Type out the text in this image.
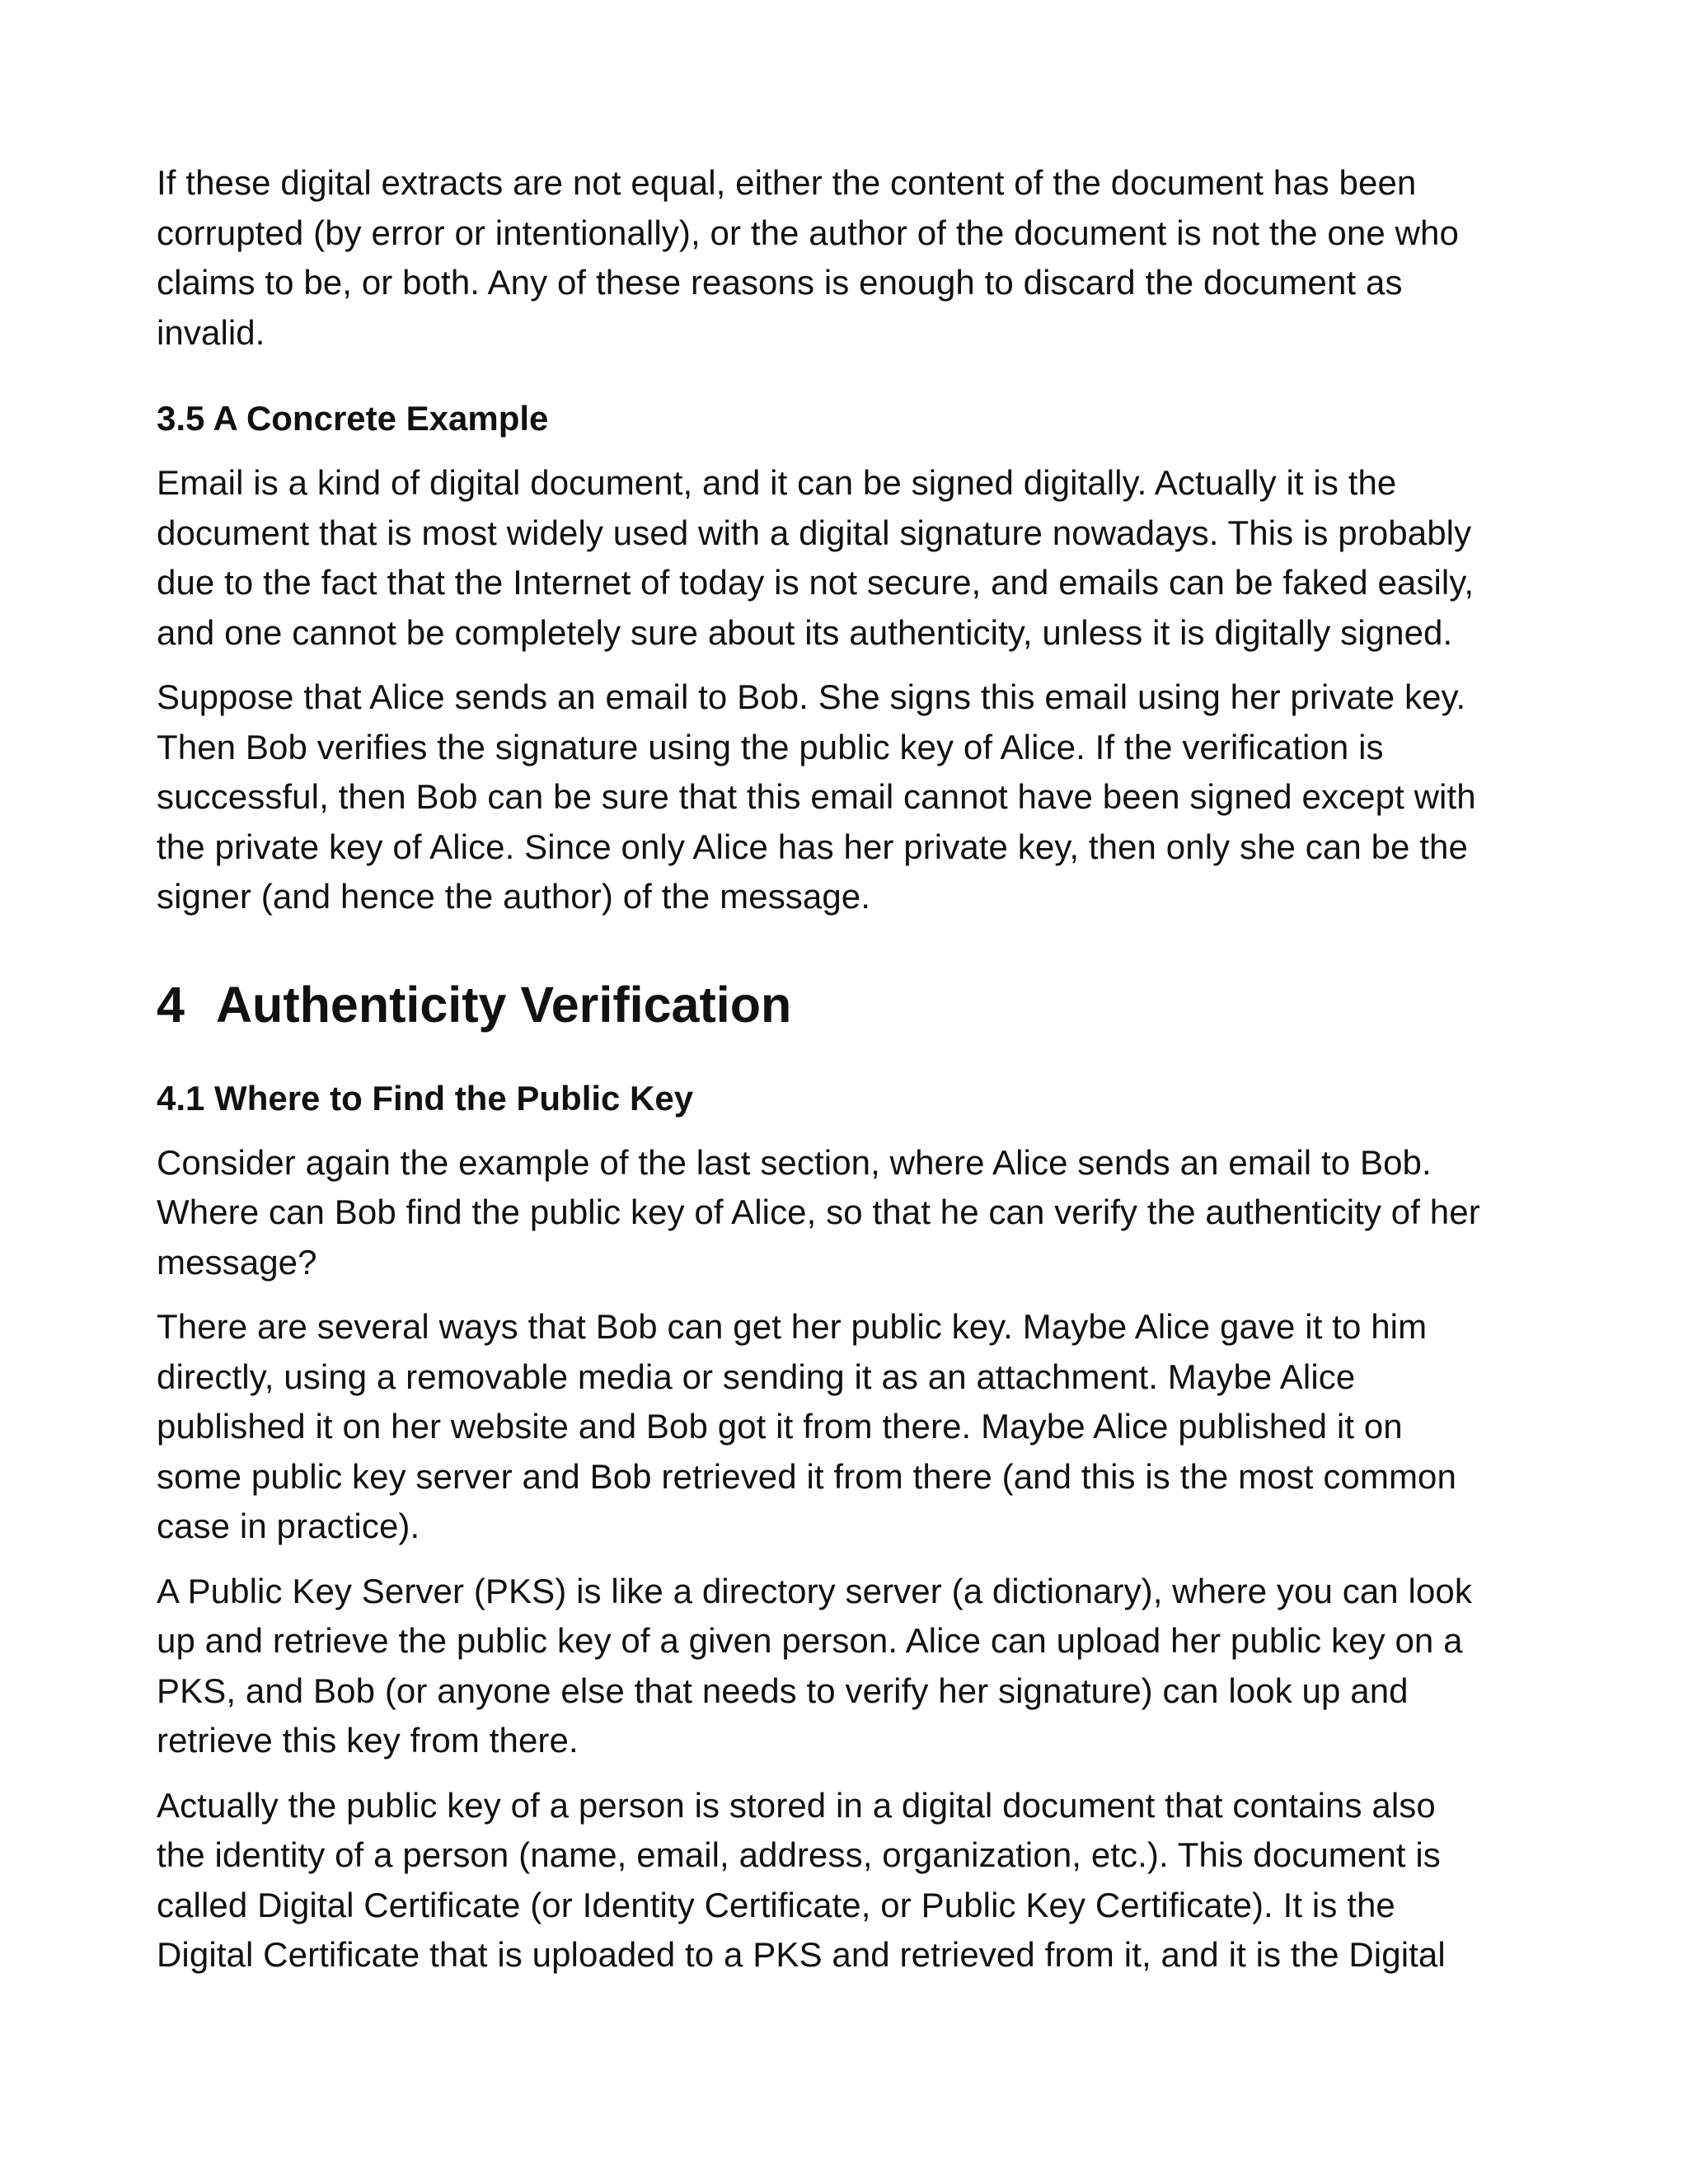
If these digital extracts are not equal, either the content of the document has been
corrupted (by error or intentionally), or the author of the document is not the one who
claims to be, or both. Any of these reasons is enough to discard the document as
invalid.

3.5 A Concrete Example

Email is a kind of digital document, and it can be signed digitally. Actually it is the
document that is most widely used with a digital signature nowadays. This is probably
due to the fact that the Internet of today is not secure, and emails can be faked easily,
and one cannot be completely sure about its authenticity, unless it is digitally signed.

Suppose that Alice sends an email to Bob. She signs this email using her private key.
Then Bob verifies the signature using the public key of Alice. If the verification is
successful, then Bob can be sure that this email cannot have been signed except with
the private key of Alice. Since only Alice has her private key, then only she can be the
signer (and hence the author) of the message.

4 Authenticity Verification
4.1 Where to Find the Public Key

Consider again the example of the last section, where Alice sends an email to Bob.
Where can Bob find the public key of Alice, so that he can verify the authenticity of her
message?

There are several ways that Bob can get her public key. Maybe Alice gave it to him
directly, using a removable media or sending it as an attachment. Maybe Alice
published it on her website and Bob got it from there. Maybe Alice published it on
some public key server and Bob retrieved it from there (and this is the most common
case in practice).

A Public Key Server (PKS) is like a directory server (a dictionary), where you can look
up and retrieve the public key of a given person. Alice can upload her public key on a
PKS, and Bob (or anyone else that needs to verify her signature) can look up and
retrieve this key from there.

Actually the public key of a person is stored in a digital document that contains also
the identity of a person (name, email, address, organization, etc.). This document is
called Digital Certificate (or Identity Certificate, or Public Key Certificate). It is the
Digital Certificate that is uploaded to a PKS and retrieved from it, and it is the Digital
